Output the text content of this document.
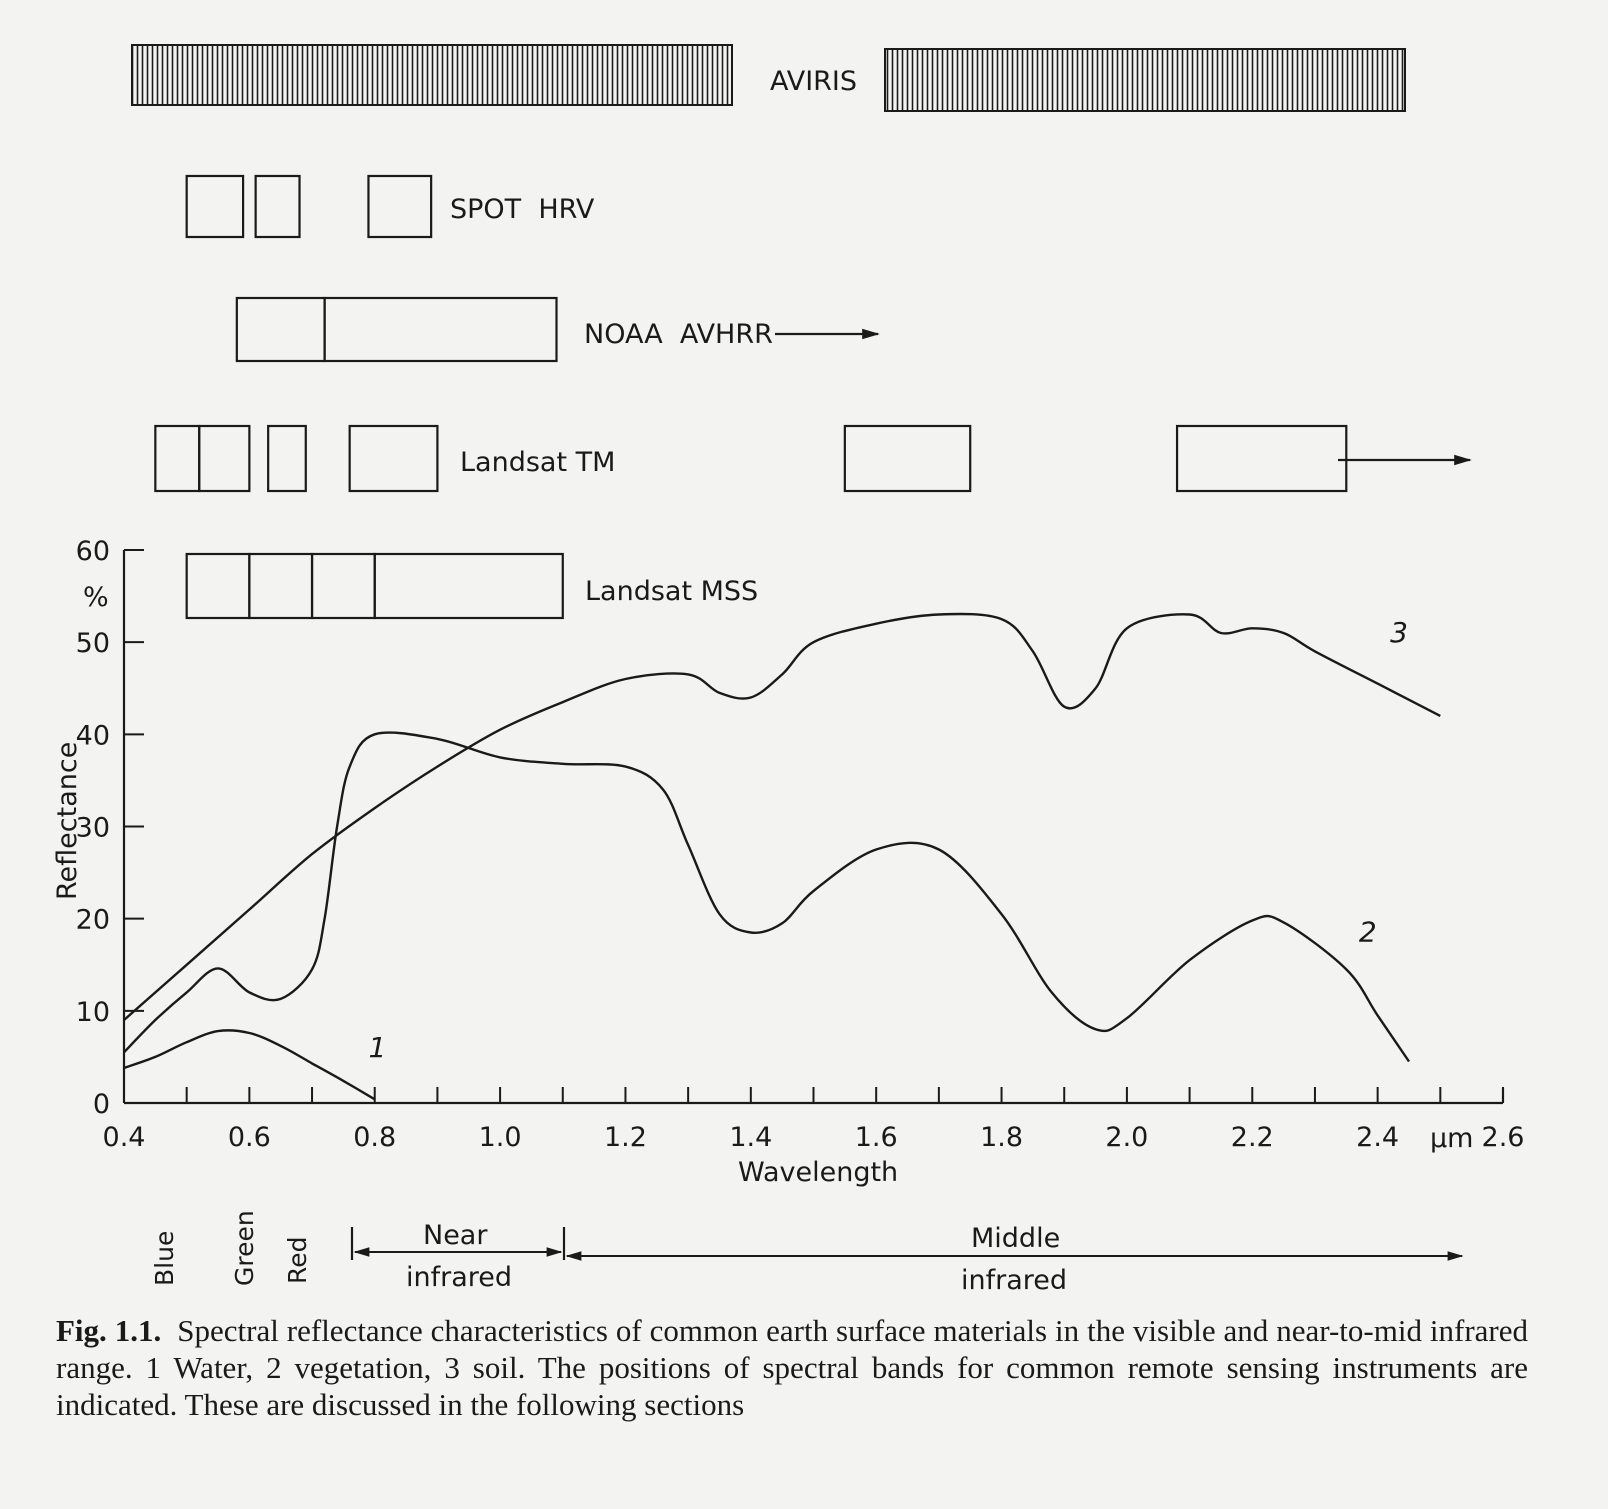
AVIRIS
SPOT  HRV
NOAA  AVHRR
Landsat TM
Landsat MSS
0.4	0.6	0.8	1.0	1.2	1.4	1.6	1.8	2.0	2.2	2.4	2.6
0
10
20
30
40
50
60
%
µm
Wavelength
Reflectance
1
2
3
Blue Green Red
Near
infrared
Middle
infrared
Fig. 1.1. Spectral reflectance characteristics of common earth surface materials in the visible and near-to-mid infrared range. 1 Water, 2 vegetation, 3 soil. The positions of spectral bands for common remote sensing instruments are indicated. These are discussed in the following sections
